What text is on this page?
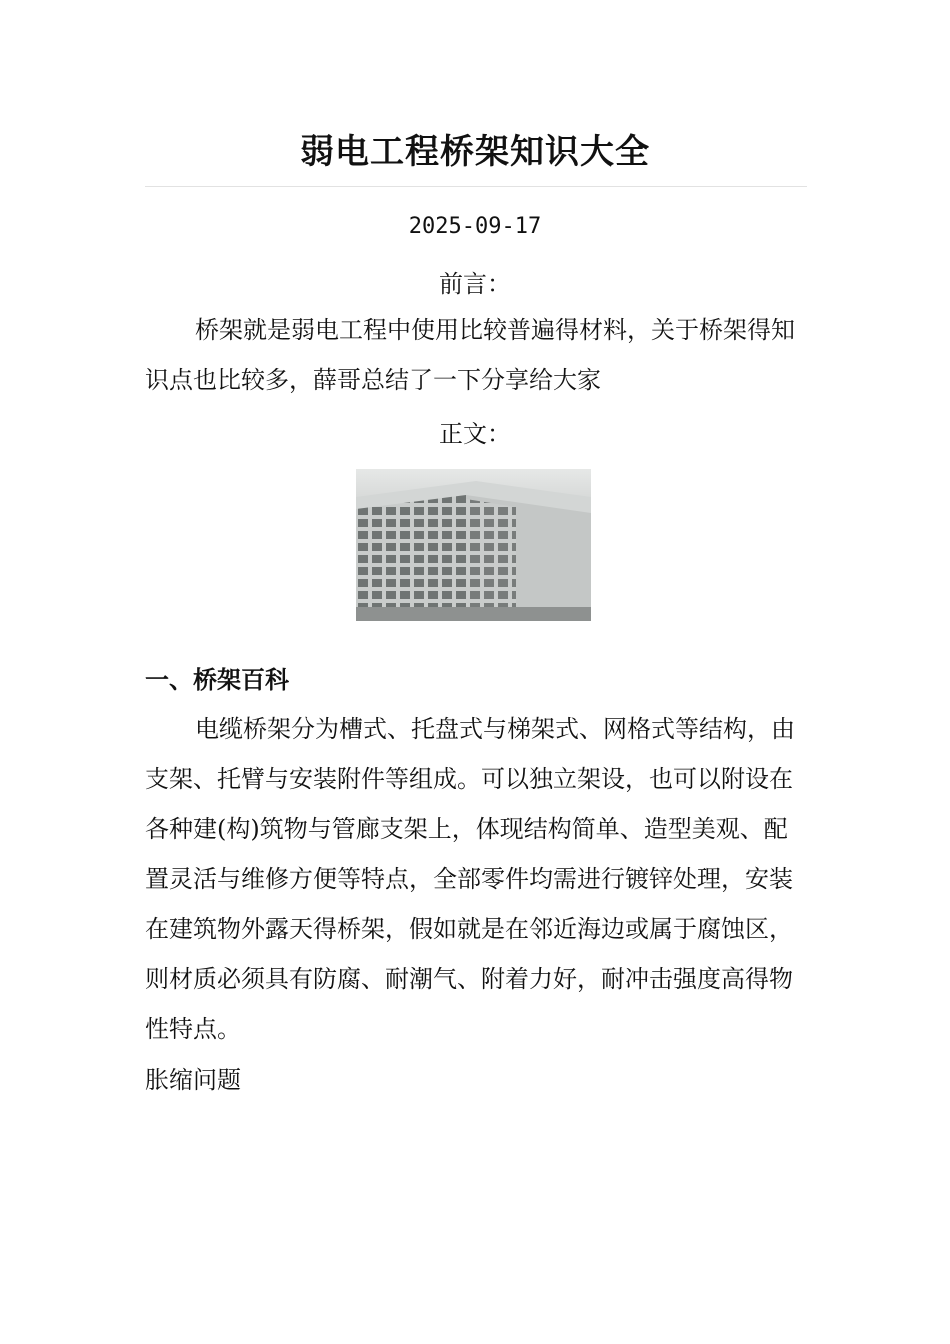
弱电工程桥架知识大全
2025-09-17
前言：
桥架就是弱电工程中使用比较普遍得材料，关于桥架得知识点也比较多，薛哥总结了一下分享给大家
正文：
一、桥架百科
电缆桥架分为槽式、托盘式与梯架式、网格式等结构，由支架、托臂与安装附件等组成。可以独立架设，也可以附设在各种建(构)筑物与管廊支架上，体现结构简单、造型美观、配置灵活与维修方便等特点，全部零件均需进行镀锌处理，安装在建筑物外露天得桥架，假如就是在邻近海边或属于腐蚀区，则材质必须具有防腐、耐潮气、附着力好，耐冲击强度高得物性特点。
胀缩问题
